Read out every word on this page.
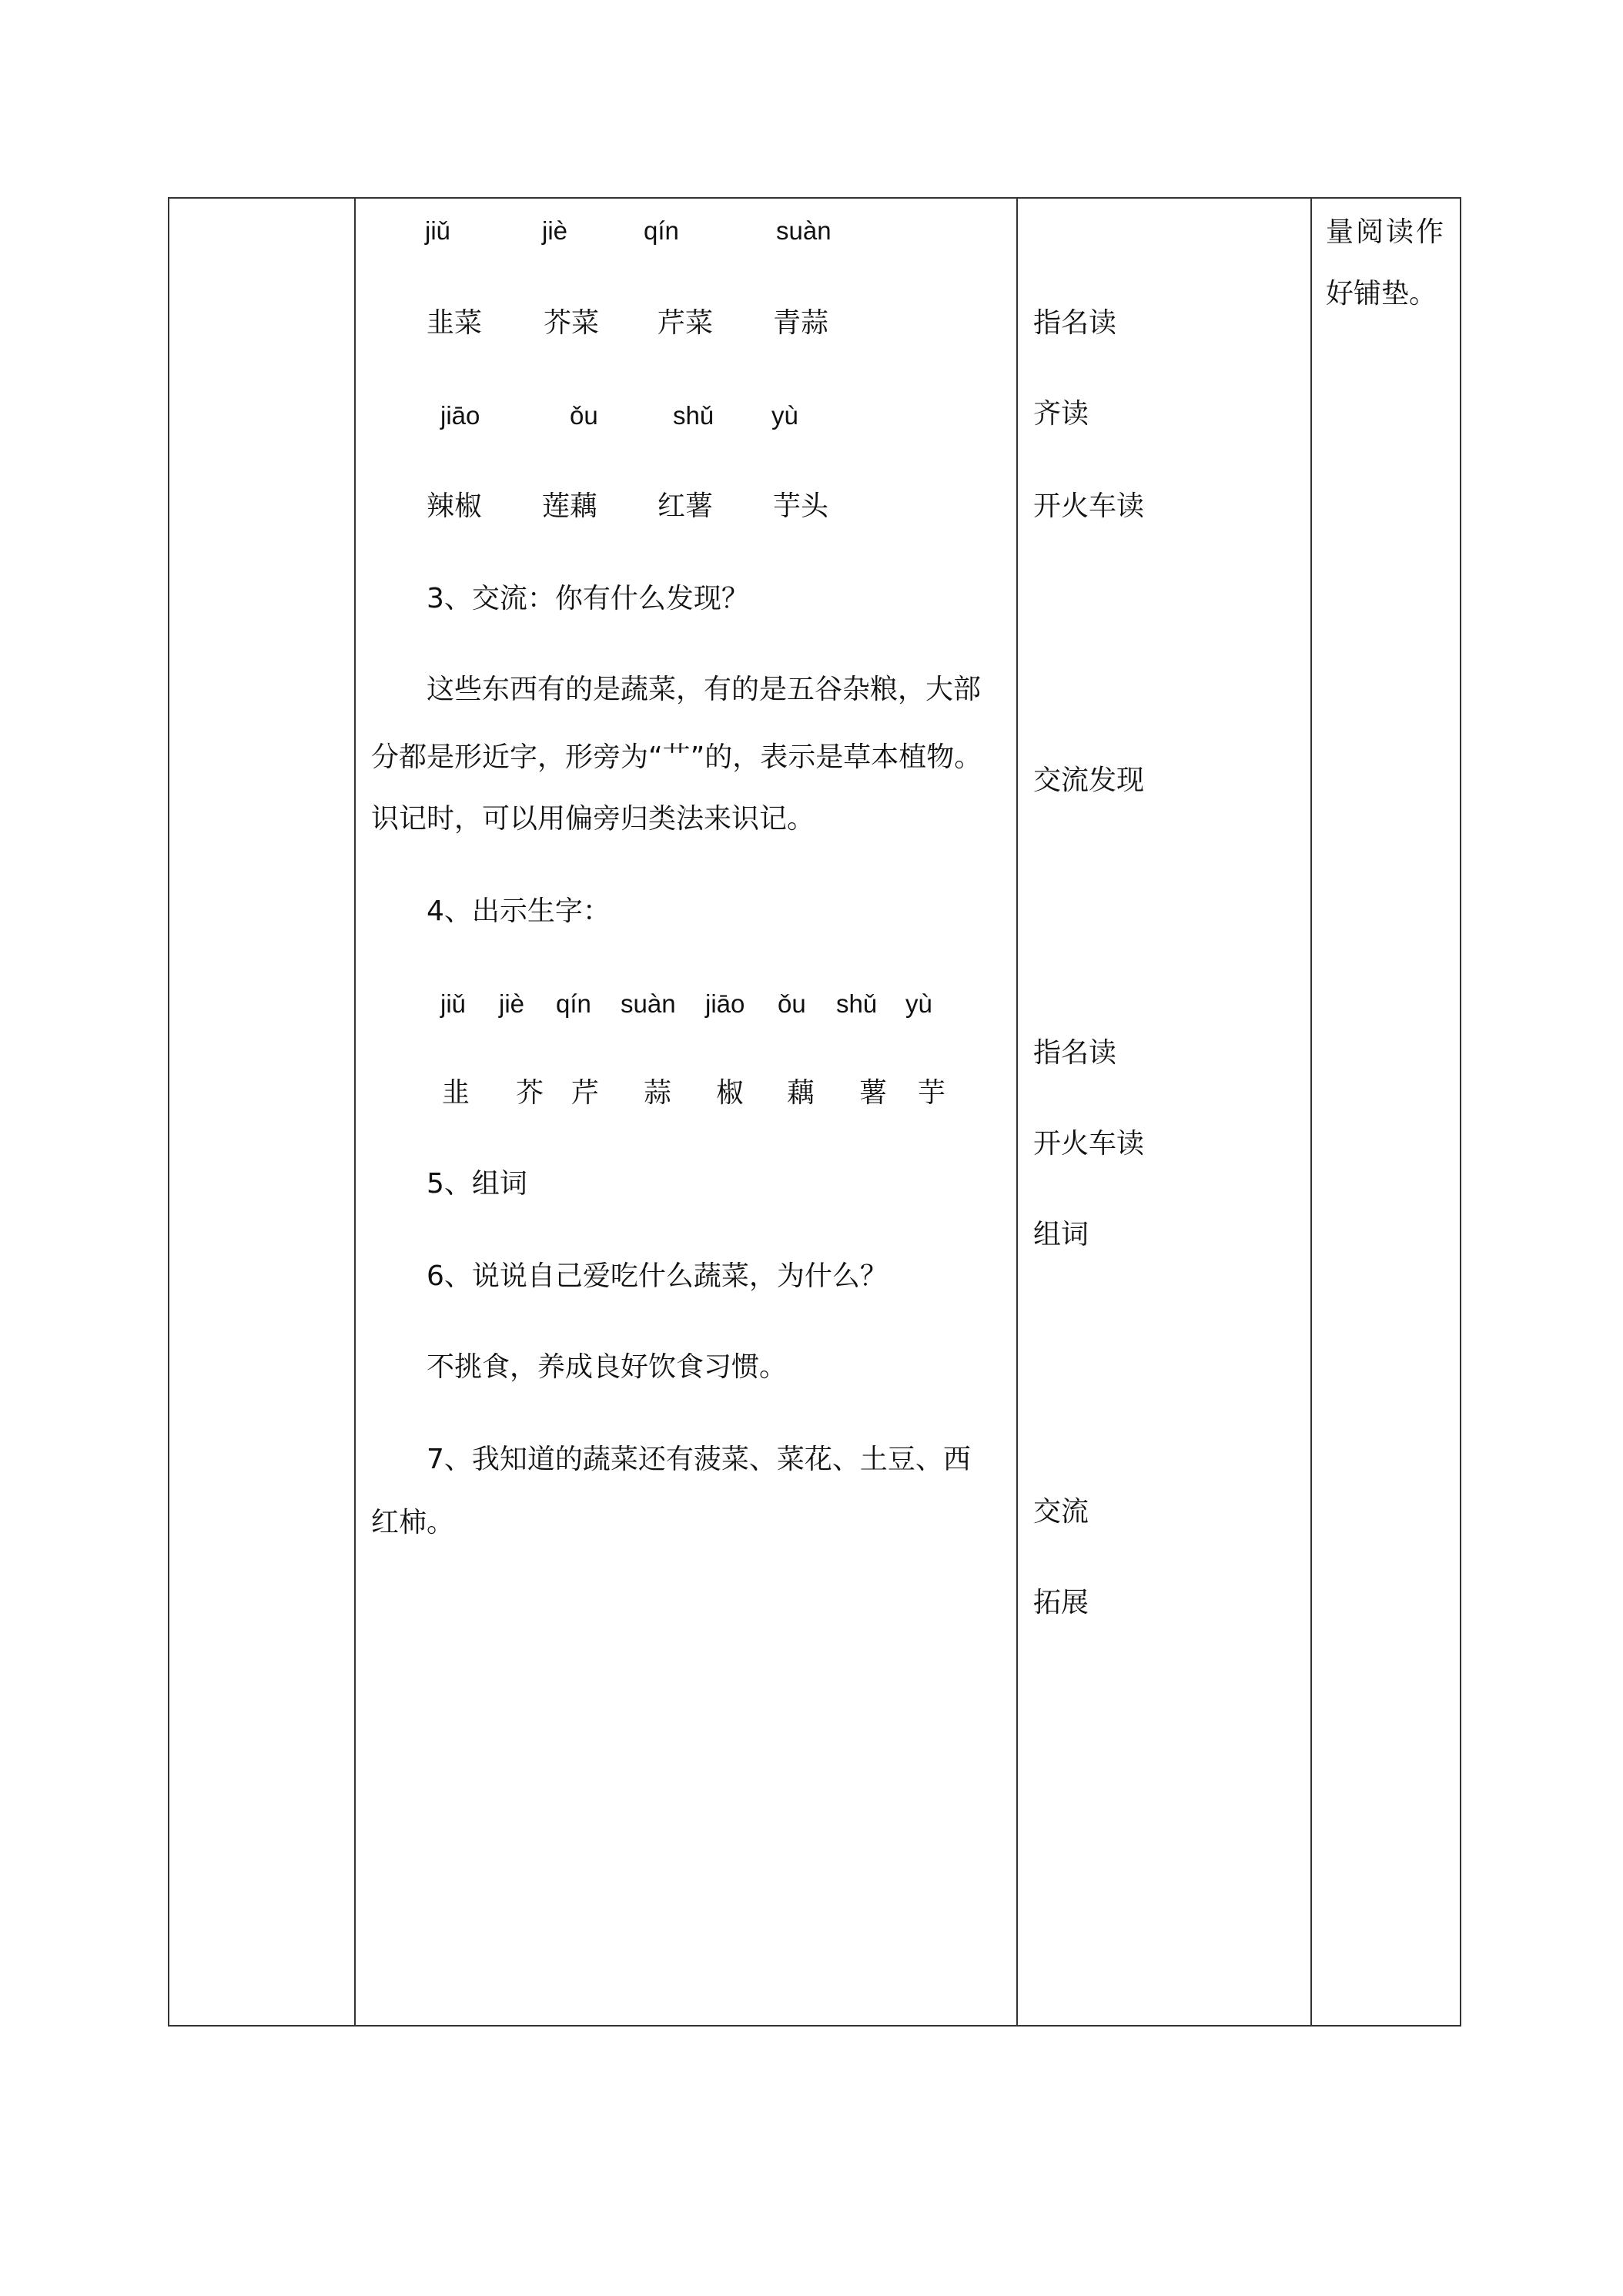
jiǔ	jiè	qín	suàn
韭菜 芥菜 芹菜 青蒜
jiāo	ǒu	shǔ yù
辣椒 莲藕 红薯 芋头
3、交流：你有什么发现？
这些东西有的是蔬菜，有的是五谷杂粮，大部
分都是形近字，形旁为“艹”的，表示是草本植物。
识记时，可以用偏旁归类法来识记。
4、出示生字：
jiǔ jiè qín suàn jiāo ǒu shǔ yù
韭 芥 芹 蒜 椒 藕 薯 芋
5、组词
6、说说自己爱吃什么蔬菜，为什么？
不挑食，养成良好饮食习惯。
7、我知道的蔬菜还有菠菜、菜花、土豆、西
红柿。
指名读
齐读
开火车读
交流发现
指名读
开火车读
组词
交流
拓展
量阅读作
好铺垫。
